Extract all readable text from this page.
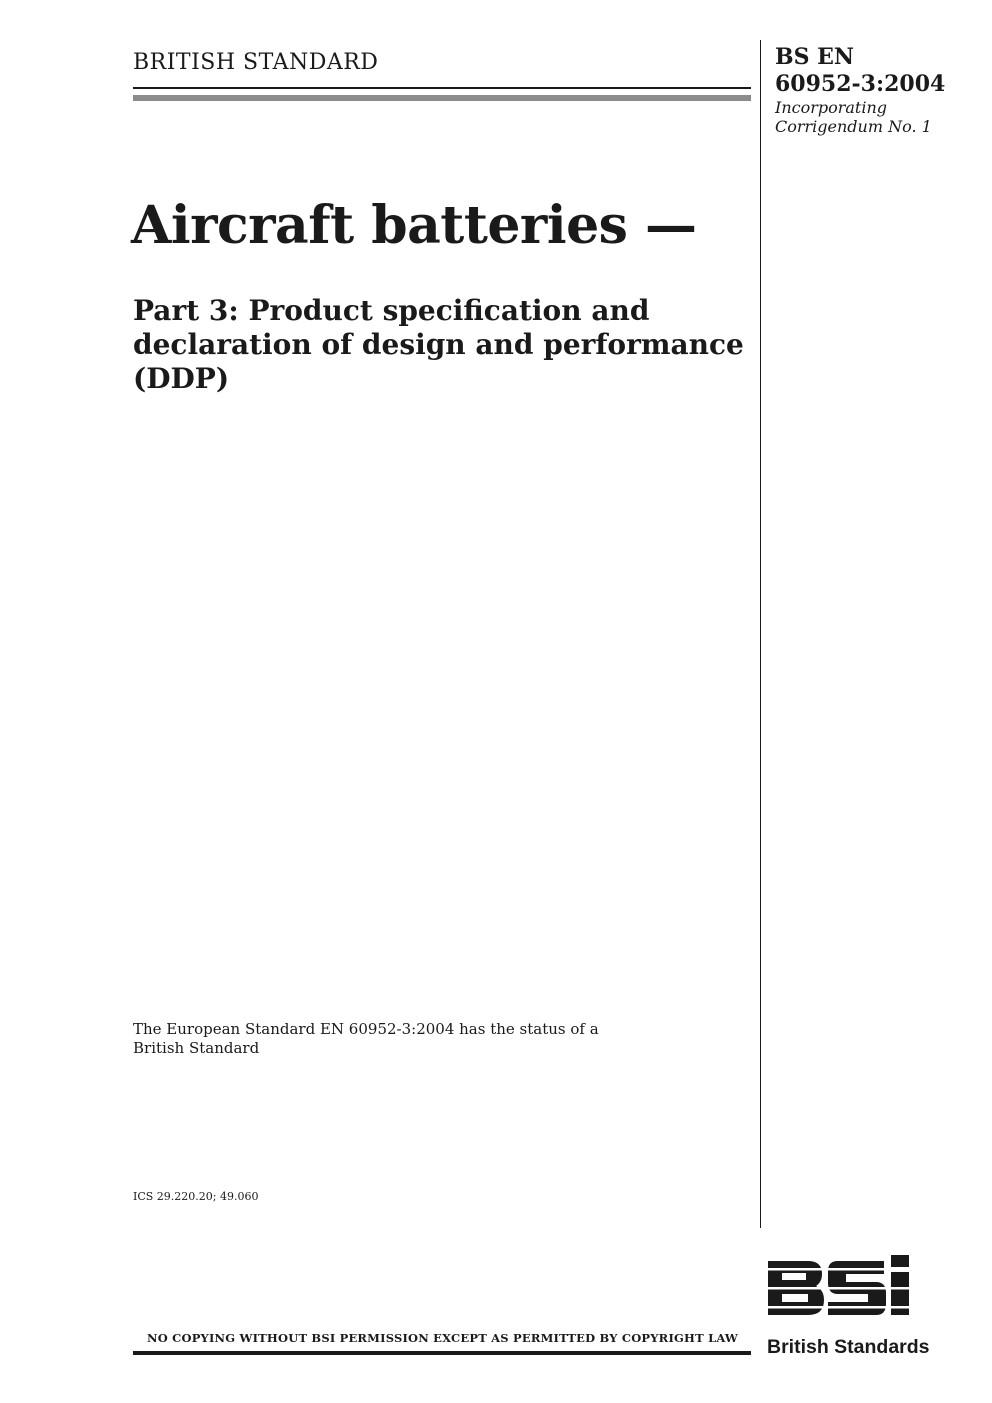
BRITISH STANDARD	BS EN
60952-3:2004
Incorporating
Corrigendum No. 1
Aircraft batteries —
Part 3: Product specification and
declaration of design and performance
(DDP)
The European Standard EN 60952-3:2004 has the status of a
British Standard
ICS 29.220.20; 49.060
NO COPYING WITHOUT BSI PERMISSION EXCEPT AS PERMITTED BY COPYRIGHT LAW British Standards
